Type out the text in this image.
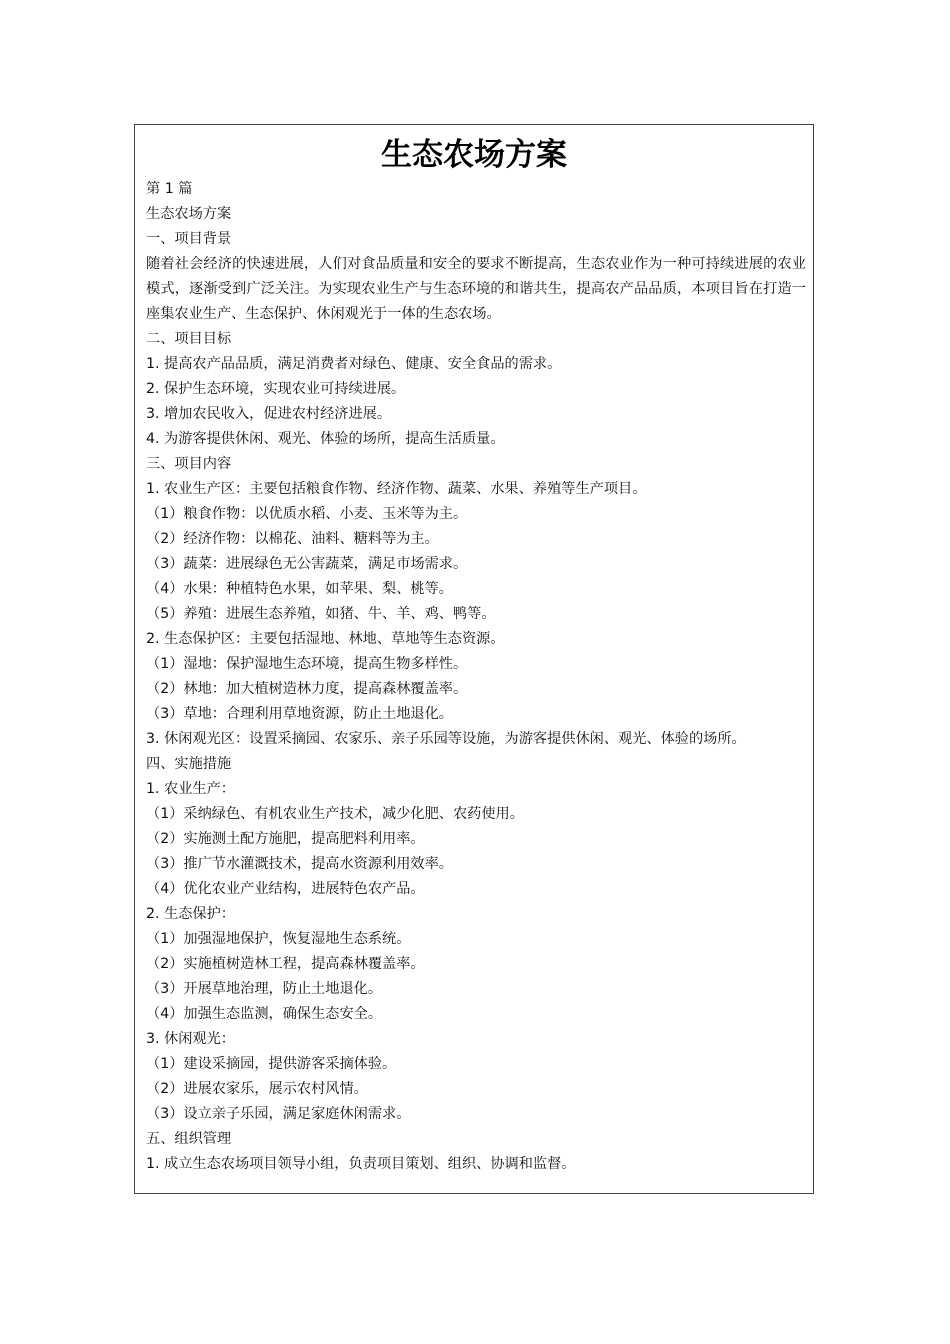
生态农场方案
第 1 篇
生态农场方案
一、项目背景
随着社会经济的快速进展，人们对食品质量和安全的要求不断提高，生态农业作为一种可持续进展的农业模式，逐渐受到广泛关注。为实现农业生产与生态环境的和谐共生，提高农产品品质，本项目旨在打造一座集农业生产、生态保护、休闲观光于一体的生态农场。
二、项目目标
1. 提高农产品品质，满足消费者对绿色、健康、安全食品的需求。
2. 保护生态环境，实现农业可持续进展。
3. 增加农民收入，促进农村经济进展。
4. 为游客提供休闲、观光、体验的场所，提高生活质量。
三、项目内容
1. 农业生产区：主要包括粮食作物、经济作物、蔬菜、水果、养殖等生产项目。
（1）粮食作物：以优质水稻、小麦、玉米等为主。
（2）经济作物：以棉花、油料、糖料等为主。
（3）蔬菜：进展绿色无公害蔬菜，满足市场需求。
（4）水果：种植特色水果，如苹果、梨、桃等。
（5）养殖：进展生态养殖，如猪、牛、羊、鸡、鸭等。
2. 生态保护区：主要包括湿地、林地、草地等生态资源。
（1）湿地：保护湿地生态环境，提高生物多样性。
（2）林地：加大植树造林力度，提高森林覆盖率。
（3）草地：合理利用草地资源，防止土地退化。
3. 休闲观光区：设置采摘园、农家乐、亲子乐园等设施，为游客提供休闲、观光、体验的场所。
四、实施措施
1. 农业生产：
（1）采纳绿色、有机农业生产技术，减少化肥、农药使用。
（2）实施测土配方施肥，提高肥料利用率。
（3）推广节水灌溉技术，提高水资源利用效率。
（4）优化农业产业结构，进展特色农产品。
2. 生态保护：
（1）加强湿地保护，恢复湿地生态系统。
（2）实施植树造林工程，提高森林覆盖率。
（3）开展草地治理，防止土地退化。
（4）加强生态监测，确保生态安全。
3. 休闲观光：
（1）建设采摘园，提供游客采摘体验。
（2）进展农家乐，展示农村风情。
（3）设立亲子乐园，满足家庭休闲需求。
五、组织管理
1. 成立生态农场项目领导小组，负责项目策划、组织、协调和监督。
